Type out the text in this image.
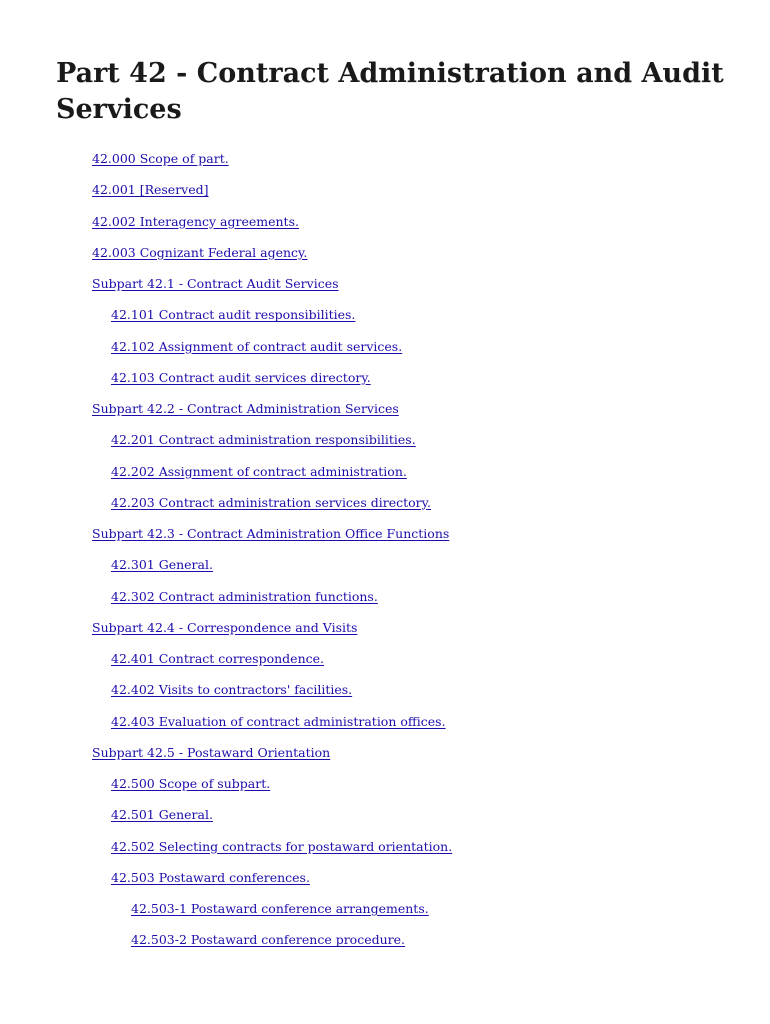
Part 42 - Contract Administration and Audit Services
42.000 Scope of part.
42.001 [Reserved]
42.002 Interagency agreements.
42.003 Cognizant Federal agency.
Subpart 42.1 - Contract Audit Services
42.101 Contract audit responsibilities.
42.102 Assignment of contract audit services.
42.103 Contract audit services directory.
Subpart 42.2 - Contract Administration Services
42.201 Contract administration responsibilities.
42.202 Assignment of contract administration.
42.203 Contract administration services directory.
Subpart 42.3 - Contract Administration Office Functions
42.301 General.
42.302 Contract administration functions.
Subpart 42.4 - Correspondence and Visits
42.401 Contract correspondence.
42.402 Visits to contractors' facilities.
42.403 Evaluation of contract administration offices.
Subpart 42.5 - Postaward Orientation
42.500 Scope of subpart.
42.501 General.
42.502 Selecting contracts for postaward orientation.
42.503 Postaward conferences.
42.503-1 Postaward conference arrangements.
42.503-2 Postaward conference procedure.
